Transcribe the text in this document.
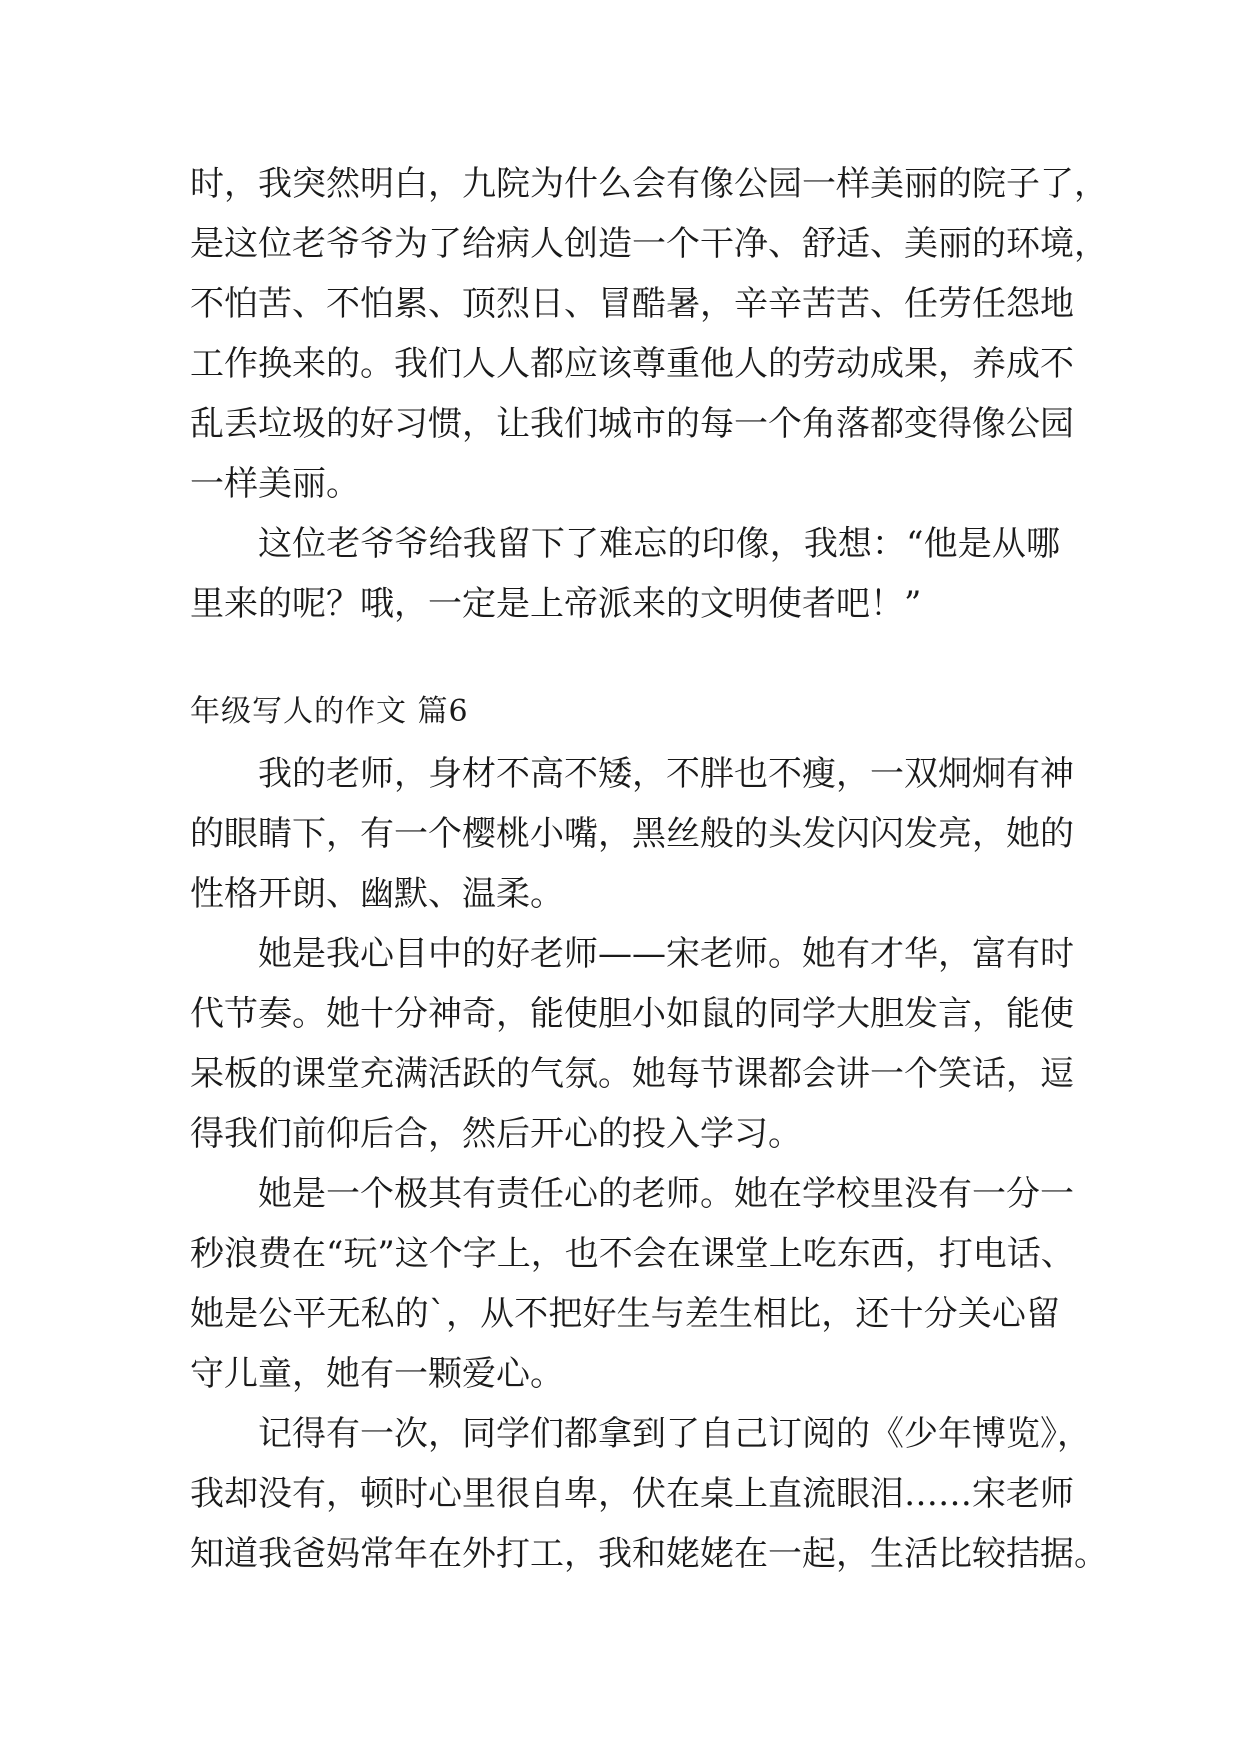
时，我突然明白，九院为什么会有像公园一样美丽的院子了，
是这位老爷爷为了给病人创造一个干净、舒适、美丽的环境，
不怕苦、不怕累、顶烈日、冒酷暑，辛辛苦苦、任劳任怨地
工作换来的。我们人人都应该尊重他人的劳动成果，养成不
乱丢垃圾的好习惯，让我们城市的每一个角落都变得像公园
一样美丽。
这位老爷爷给我留下了难忘的印像，我想：“他是从哪
里来的呢？哦，一定是上帝派来的文明使者吧！”
年级写人的作文 篇6
我的老师，身材不高不矮，不胖也不瘦，一双炯炯有神
的眼睛下，有一个樱桃小嘴，黑丝般的头发闪闪发亮，她的
性格开朗、幽默、温柔。
她是我心目中的好老师——宋老师。她有才华，富有时
代节奏。她十分神奇，能使胆小如鼠的同学大胆发言，能使
呆板的课堂充满活跃的气氛。她每节课都会讲一个笑话，逗
得我们前仰后合，然后开心的投入学习。
她是一个极其有责任心的老师。她在学校里没有一分一
秒浪费在“玩”这个字上，也不会在课堂上吃东西，打电话、
她是公平无私的`，从不把好生与差生相比，还十分关心留
守儿童，她有一颗爱心。
记得有一次，同学们都拿到了自己订阅的《少年博览》，
我却没有，顿时心里很自卑，伏在桌上直流眼泪……宋老师
知道我爸妈常年在外打工，我和姥姥在一起，生活比较拮据。
